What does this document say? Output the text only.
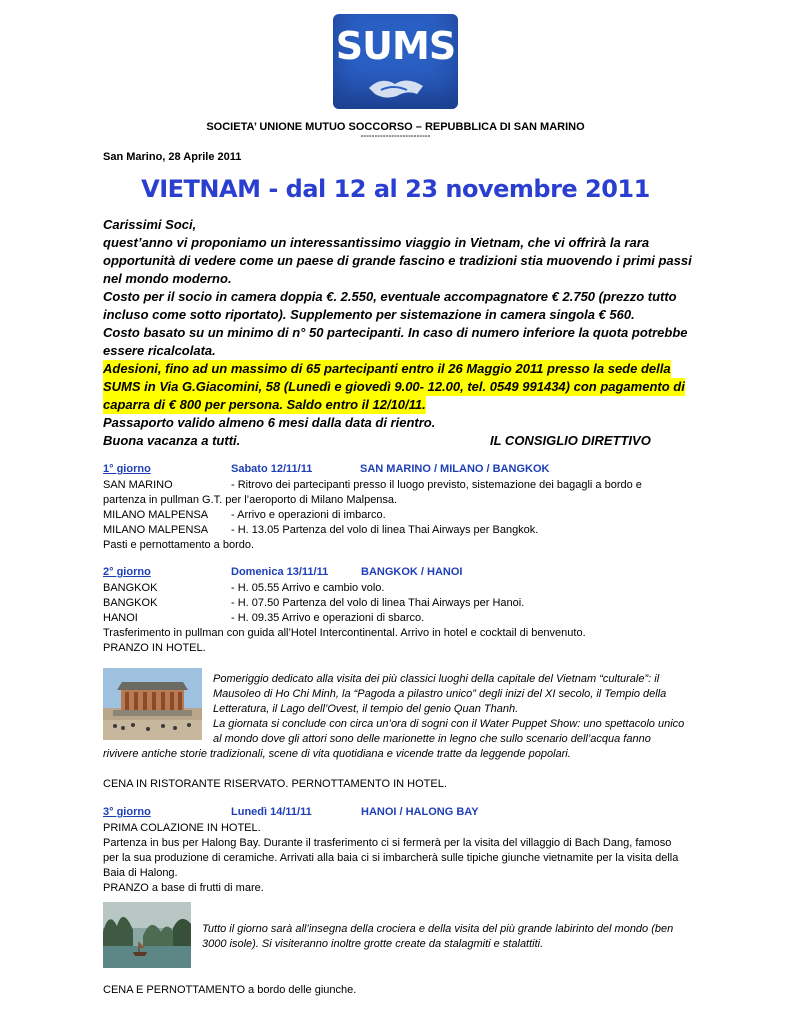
SUMS
SOCIETA’ UNIONE MUTUO SOCCORSO – REPUBBLICA DI SAN MARINO
°°°°°°°°°°°°°°°°°°°°°°°°°
San Marino, 28 Aprile 2011
VIETNAM - dal 12 al 23 novembre 2011
Carissimi Soci,
quest’anno vi proponiamo un interessantissimo viaggio in Vietnam, che vi offrirà la rara
opportunità di vedere come un paese di grande fascino e tradizioni stia muovendo i primi passi
nel mondo moderno.
Costo per il socio in camera doppia €. 2.550, eventuale accompagnatore € 2.750 (prezzo tutto
incluso come sotto riportato). Supplemento per sistemazione in camera singola € 560.
Costo basato su un minimo di n° 50 partecipanti. In caso di numero inferiore la quota potrebbe
essere ricalcolata.
Adesioni, fino ad un massimo di 65 partecipanti entro il 26 Maggio 2011 presso la sede della
SUMS in Via G.Giacomini, 58 (Lunedì e giovedì 9.00- 12.00, tel. 0549 991434) con pagamento di
caparra di € 800 per persona. Saldo entro il 12/10/11.
Passaporto valido almeno 6 mesi dalla data di rientro.
Buona vacanza a tutti.	IL CONSIGLIO DIRETTIVO
1° giorno	Sabato 12/11/11	SAN MARINO / MILANO / BANGKOK
SAN MARINO	- Ritrovo dei partecipanti presso il luogo previsto, sistemazione dei bagagli a bordo e
partenza in pullman G.T. per l’aeroporto di Milano Malpensa.
MILANO MALPENSA - Arrivo e operazioni di imbarco.
MILANO MALPENSA - H. 13.05 Partenza del volo di linea Thai Airways per Bangkok.
Pasti e pernottamento a bordo.
2° giorno	Domenica 13/11/11	BANGKOK / HANOI
BANGKOK	- H. 05.55 Arrivo e cambio volo.
BANGKOK	- H. 07.50 Partenza del volo di linea Thai Airways per Hanoi.
HANOI	- H. 09.35 Arrivo e operazioni di sbarco.
Trasferimento in pullman con guida all’Hotel Intercontinental. Arrivo in hotel e cocktail di benvenuto.
PRANZO IN HOTEL.
Pomeriggio dedicato alla visita dei più classici luoghi della capitale del Vietnam “culturale”: il
Mausoleo di Ho Chi Minh, la “Pagoda a pilastro unico” degli inizi del XI secolo, il Tempio della
Letteratura, il Lago dell’Ovest, il tempio del genio Quan Thanh.
La giornata si conclude con circa un’ora di sogni con il Water Puppet Show: uno spettacolo unico
al mondo dove gli attori sono delle marionette in legno che sullo scenario dell’acqua fanno
rivivere antiche storie tradizionali, scene di vita quotidiana e vicende tratte da leggende popolari.
CENA IN RISTORANTE RISERVATO. PERNOTTAMENTO IN HOTEL.
3° giorno	Lunedì 14/11/11	HANOI / HALONG BAY
PRIMA COLAZIONE IN HOTEL.
Partenza in bus per Halong Bay. Durante il trasferimento ci si fermerà per la visita del villaggio di Bach Dang, famoso
per la sua produzione di ceramiche. Arrivati alla baia ci si imbarcherà sulle tipiche giunche vietnamite per la visita della
Baia di Halong.
PRANZO a base di frutti di mare.
Tutto il giorno sarà all’insegna della crociera e della visita del più grande labirinto del mondo (ben
3000 isole). Si visiteranno inoltre grotte create da stalagmiti e stalattiti.
CENA E PERNOTTAMENTO a bordo delle giunche.
